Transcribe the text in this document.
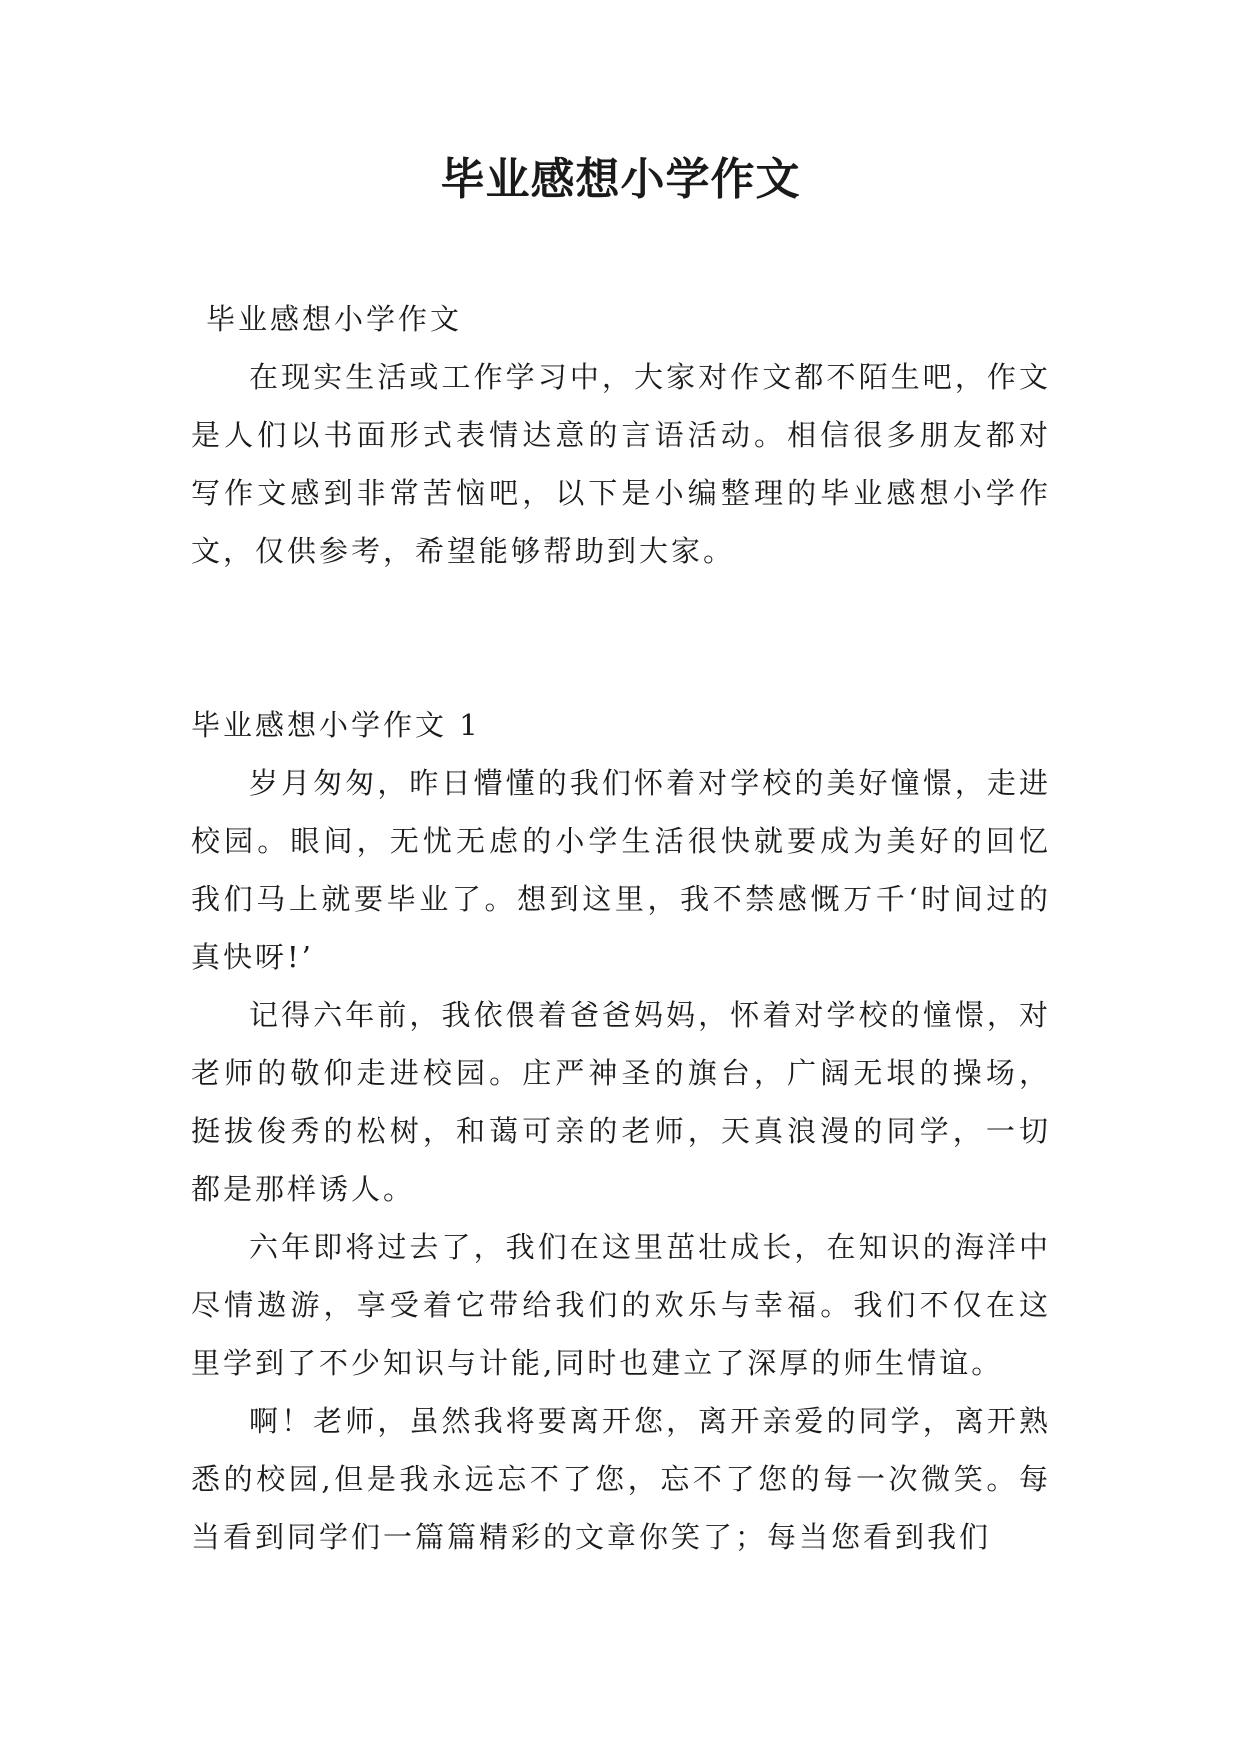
毕业感想小学作文

毕业感想小学作文

在现实生活或工作学习中，大家对作文都不陌生吧，作文是人们以书面形式表情达意的言语活动。相信很多朋友都对写作文感到非常苦恼吧，以下是小编整理的毕业感想小学作文，仅供参考，希望能够帮助到大家。

毕业感想小学作文 1

岁月匆匆，昨日懵懂的我们怀着对学校的美好憧憬，走进校园。眼间，无忧无虑的小学生活很快就要成为美好的回忆我们马上就要毕业了。想到这里，我不禁感慨万千‘时间过的真快呀!’

记得六年前，我依偎着爸爸妈妈，怀着对学校的憧憬，对老师的敬仰走进校园。庄严神圣的旗台，广阔无垠的操场，挺拔俊秀的松树，和蔼可亲的老师，天真浪漫的同学，一切都是那样诱人。

六年即将过去了，我们在这里茁壮成长，在知识的海洋中尽情遨游，享受着它带给我们的欢乐与幸福。我们不仅在这里学到了不少知识与计能,同时也建立了深厚的师生情谊。

啊！老师，虽然我将要离开您，离开亲爱的同学，离开熟悉的校园,但是我永远忘不了您，忘不了您的每一次微笑。每当看到同学们一篇篇精彩的文章你笑了；每当您看到我们
